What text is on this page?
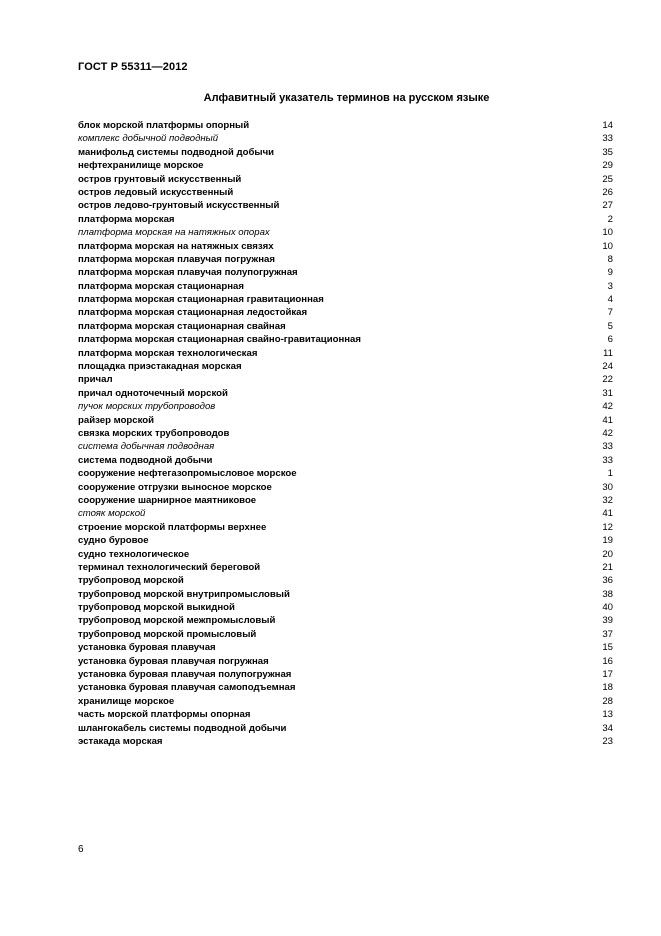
ГОСТ Р 55311—2012
Алфавитный указатель терминов на русском языке
блок морской платформы опорный	14
комплекс добычной подводный	33
манифольд системы подводной добычи	35
нефтехранилище морское	29
остров грунтовый искусственный	25
остров ледовый искусственный	26
остров ледово-грунтовый искусственный	27
платформа морская	2
платформа морская на натяжных опорах	10
платформа морская на натяжных связях	10
платформа морская плавучая погружная	8
платформа морская плавучая полупогружная	9
платформа морская стационарная	3
платформа морская стационарная гравитационная	4
платформа морская стационарная ледостойкая	7
платформа морская стационарная свайная	5
платформа морская стационарная свайно-гравитационная	6
платформа морская технологическая	11
площадка приэстакадная морская	24
причал	22
причал одноточечный морской	31
пучок морских трубопроводов	42
райзер морской	41
связка морских трубопроводов	42
система добычная подводная	33
система подводной добычи	33
сооружение нефтегазопромысловое морское	1
сооружение отгрузки выносное морское	30
сооружение шарнирное маятниковое	32
стояк морской	41
строение морской платформы верхнее	12
судно буровое	19
судно технологическое	20
терминал технологический береговой	21
трубопровод морской	36
трубопровод морской внутрипромысловый	38
трубопровод морской выкидной	40
трубопровод морской межпромысловый	39
трубопровод морской промысловый	37
установка буровая плавучая	15
установка буровая плавучая погружная	16
установка буровая плавучая полупогружная	17
установка буровая плавучая самоподъемная	18
хранилище морское	28
часть морской платформы опорная	13
шлангокабель системы подводной добычи	34
эстакада морская	23
6
